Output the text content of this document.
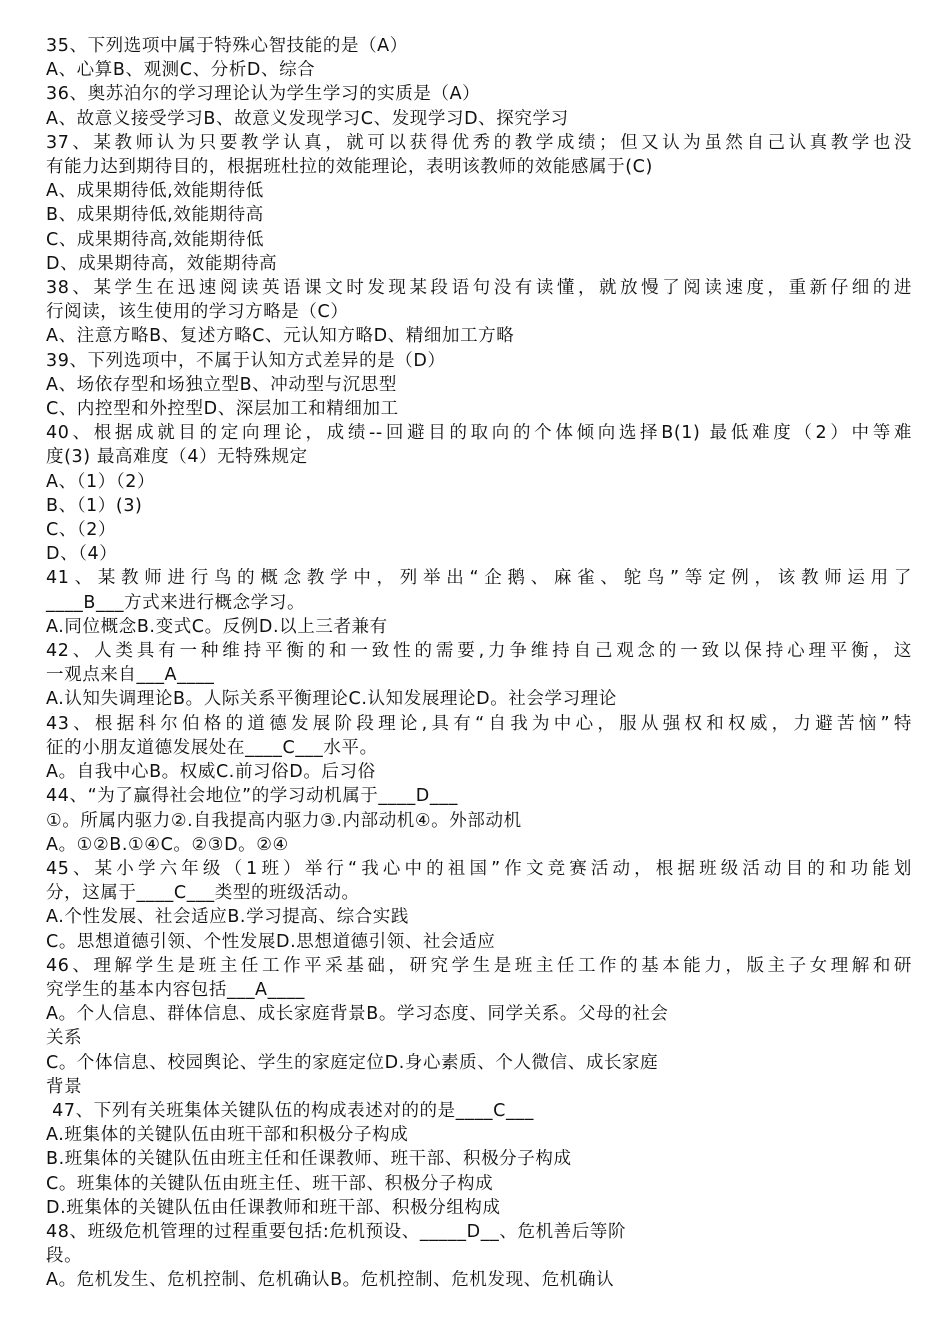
35、下列选项中属于特殊心智技能的是（A）
A、心算B、观测C、分析D、综合
36、奥苏泊尔的学习理论认为学生学习的实质是（A）
A、故意义接受学习B、故意义发现学习C、发现学习D、探究学习
37、某教师认为只要教学认真，就可以获得优秀的教学成绩；但又认为虽然自己认真教学也没
有能力达到期待目的，根据班杜拉的效能理论，表明该教师的效能感属于(C)
A、成果期待低,效能期待低
B、成果期待低,效能期待高
C、成果期待高,效能期待低
D、成果期待高，效能期待高
38、某学生在迅速阅读英语课文时发现某段语句没有读懂，就放慢了阅读速度，重新仔细的进
行阅读，该生使用的学习方略是（C）
A、注意方略B、复述方略C、元认知方略D、精细加工方略
39、下列选项中，不属于认知方式差异的是（D）
A、场依存型和场独立型B、冲动型与沉思型
C、内控型和外控型D、深层加工和精细加工
40、根据成就目的定向理论，成绩--回避目的取向的个体倾向选择B(1) 最低难度（2）中等难
度(3) 最高难度（4）无特殊规定
A、（1）（2）
B、（1）(3)
C、（2）
D、（4）
41、某教师进行鸟的概念教学中，列举出“企鹅、麻雀、鸵鸟”等定例，该教师运用了
____B___方式来进行概念学习。
A.同位概念B.变式C。反例D.以上三者兼有
42、人类具有一种维持平衡的和一致性的需要,力争维持自己观念的一致以保持心理平衡，这
一观点来自___A____
A.认知失调理论B。人际关系平衡理论C.认知发展理论D。社会学习理论
43、根据科尔伯格的道德发展阶段理论,具有“自我为中心，服从强权和权威，力避苦恼”特
征的小朋友道德发展处在____C___水平。
A。自我中心B。权威C.前习俗D。后习俗
44、“为了赢得社会地位”的学习动机属于____D___
①。所属内驱力②.自我提高内驱力③.内部动机④。外部动机
A。①②B.①④C。②③D。②④
45、某小学六年级（1班）举行“我心中的祖国”作文竞赛活动，根据班级活动目的和功能划
分，这属于____C___类型的班级活动。
A.个性发展、社会适应B.学习提高、综合实践
C。思想道德引领、个性发展D.思想道德引领、社会适应
46、理解学生是班主任工作平采基础，研究学生是班主任工作的基本能力，版主子女理解和研
究学生的基本内容包括___A____
A。个人信息、群体信息、成长家庭背景B。学习态度、同学关系。父母的社会
关系
C。个体信息、校园舆论、学生的家庭定位D.身心素质、个人微信、成长家庭
背景
47、下列有关班集体关键队伍的构成表述对的的是____C___
A.班集体的关键队伍由班干部和积极分子构成
B.班集体的关键队伍由班主任和任课教师、班干部、积极分子构成
C。班集体的关键队伍由班主任、班干部、积极分子构成
D.班集体的关键队伍由任课教师和班干部、积极分组构成
48、班级危机管理的过程重要包括:危机预设、_____D__、危机善后等阶
段。
A。危机发生、危机控制、危机确认B。危机控制、危机发现、危机确认
